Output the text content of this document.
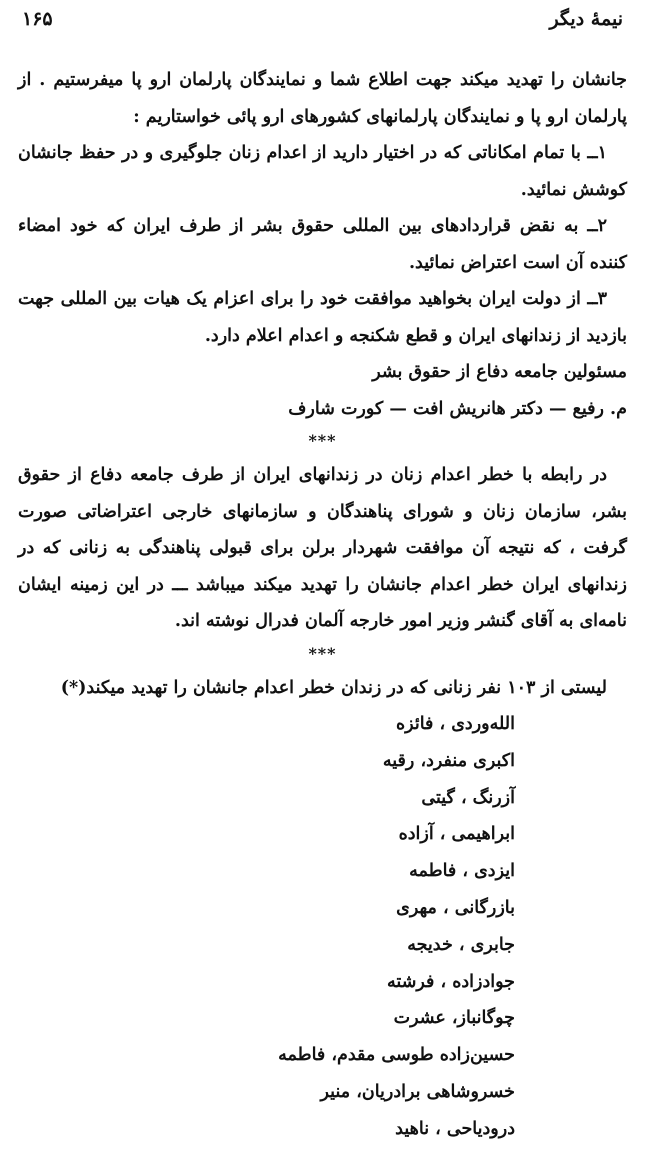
نیمهٔ دیگر
۱۶۵

جانشان را تهدید میکند جهت اطلاع شما و نمایندگان پارلمان ارو پا میفرستیم . از پارلمان ارو پا و نمایندگان پارلمانهای کشورهای ارو پائی خواستاریم :

۱ــ با تمام امکاناتی که در اختیار دارید از اعدام زنان جلوگیری و در حفظ جانشان کوشش نمائید.

۲ــ به نقض قراردادهای بین المللی حقوق بشر از طرف ایران که خود امضاء کننده آن است اعتراض نمائید.

۳ــ از دولت ایران بخواهید موافقت خود را برای اعزام یک هیات بین المللی جهت بازدید از زندانهای ایران و قطع شکنجه و اعدام اعلام دارد.

مسئولین جامعه دفاع از حقوق بشر

م. رفیع — دکتر هانریش افت — کورت شارف

***

در رابطه با خطر اعدام زنان در زندانهای ایران از طرف جامعه دفاع از حقوق بشر، سازمان زنان و شورای پناهندگان و سازمانهای خارجی اعتراضاتی صورت گرفت ، که نتیجه آن موافقت شهردار برلن برای قبولی پناهندگی به زنانی که در زندانهای ایران خطر اعدام جانشان را تهدید میکند میباشد ـــ در این زمینه ایشان نامه‌ای به آقای گنشر وزیر امور خارجه آلمان فدرال نوشته اند.

***

لیستی از ۱۰۳ نفر زنانی که در زندان خطر اعدام جانشان را تهدید میکند(*)

الله‌وردی ، فائزه
اکبری منفرد، رقیه
آزرنگ ، گیتی
ابراهیمی ، آزاده
ایزدی ، فاطمه
بازرگانی ، مهری
جابری ، خدیجه
جوادزاده ، فرشته
چوگانباز، عشرت
حسین‌زاده طوسی مقدم، فاطمه
خسروشاهی برادریان، منیر
درودیاحی ، ناهید
